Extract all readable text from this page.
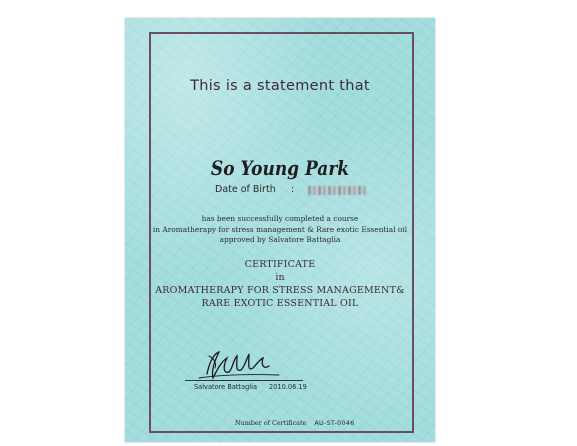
This is a statement that
So Young Park
Date of Birth :
has been successfully completed a course
in Aromatherapy for stress management & Rare exotic Essential oil
approved by Salvatore Battaglia
CERTIFICATE
in
AROMATHERAPY FOR STRESS MANAGEMENT&
RARE EXOTIC ESSENTIAL OIL
Salvatore Battaglia 2010.06.19
Number of Certificate AU-ST-0046
